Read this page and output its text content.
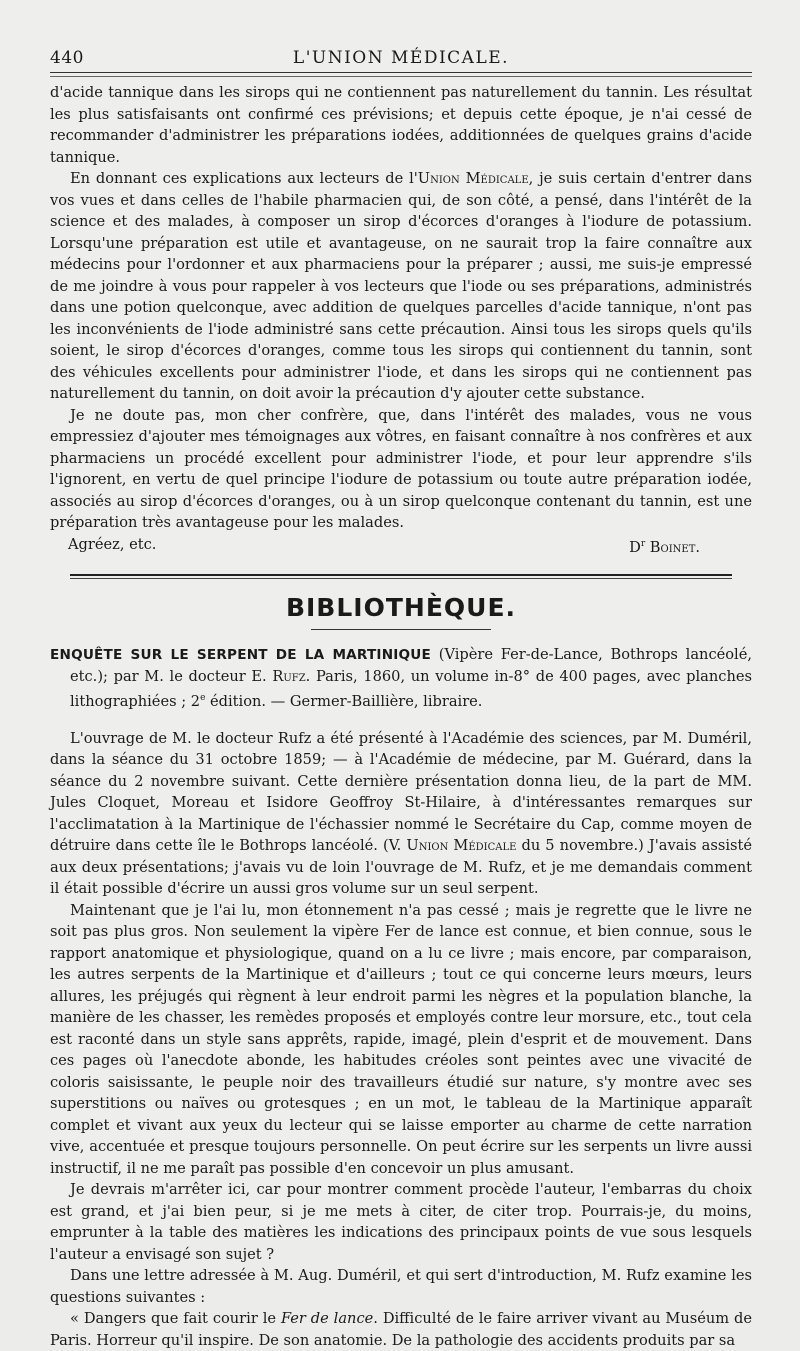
440	L'UNION MÉDICALE.

d'acide tannique dans les sirops qui ne contiennent pas naturellement du tannin. Les résultat les plus satisfaisants ont confirmé ces prévisions; et depuis cette époque, je n'ai cessé de recommander d'administrer les préparations iodées, additionnées de quelques grains d'acide tannique.

En donnant ces explications aux lecteurs de l'Union Médicale, je suis certain d'entrer dans vos vues et dans celles de l'habile pharmacien qui, de son côté, a pensé, dans l'intérêt de la science et des malades, à composer un sirop d'écorces d'oranges à l'iodure de potassium. Lorsqu'une préparation est utile et avantageuse, on ne saurait trop la faire connaître aux médecins pour l'ordonner et aux pharmaciens pour la préparer ; aussi, me suis-je empressé de me joindre à vous pour rappeler à vos lecteurs que l'iode ou ses préparations, administrés dans une potion quelconque, avec addition de quelques parcelles d'acide tannique, n'ont pas les inconvénients de l'iode administré sans cette précaution. Ainsi tous les sirops quels qu'ils soient, le sirop d'écorces d'oranges, comme tous les sirops qui contiennent du tannin, sont des véhicules excellents pour administrer l'iode, et dans les sirops qui ne contiennent pas naturellement du tannin, on doit avoir la précaution d'y ajouter cette substance.

Je ne doute pas, mon cher confrère, que, dans l'intérêt des malades, vous ne vous empressiez d'ajouter mes témoignages aux vôtres, en faisant connaître à nos confrères et aux pharmaciens un procédé excellent pour administrer l'iode, et pour leur apprendre s'ils l'ignorent, en vertu de quel principe l'iodure de potassium ou toute autre préparation iodée, associés au sirop d'écorces d'oranges, ou à un sirop quelconque contenant du tannin, est une préparation très avantageuse pour les malades.

Agréez, etc.	$D^r$ Boinet.
BIBLIOTHÈQUE.
ENQUÊTE SUR LE SERPENT DE LA MARTINIQUE (Vipère Fer-de-Lance, Bothrops lancéolé, etc.); par M. le docteur E. Rufz. Paris, 1860, un volume in-8° de 400 pages, avec planches lithographiées ; 2e édition. — Germer-Baillière, libraire.

L'ouvrage de M. le docteur Rufz a été présenté à l'Académie des sciences, par M. Duméril, dans la séance du 31 octobre 1859; — à l'Académie de médecine, par M. Guérard, dans la séance du 2 novembre suivant. Cette dernière présentation donna lieu, de la part de MM. Jules Cloquet, Moreau et Isidore Geoffroy St-Hilaire, à d'intéressantes remarques sur l'acclimatation à la Martinique de l'échassier nommé le Secrétaire du Cap, comme moyen de détruire dans cette île le Bothrops lancéolé. (V. Union Médicale du 5 novembre.) J'avais assisté aux deux présentations; j'avais vu de loin l'ouvrage de M. Rufz, et je me demandais comment il était possible d'écrire un aussi gros volume sur un seul serpent.

Maintenant que je l'ai lu, mon étonnement n'a pas cessé ; mais je regrette que le livre ne soit pas plus gros. Non seulement la vipère Fer de lance est connue, et bien connue, sous le rapport anatomique et physiologique, quand on a lu ce livre ; mais encore, par comparaison, les autres serpents de la Martinique et d'ailleurs ; tout ce qui concerne leurs mœurs, leurs allures, les préjugés qui règnent à leur endroit parmi les nègres et la population blanche, la manière de les chasser, les remèdes proposés et employés contre leur morsure, etc., tout cela est raconté dans un style sans apprêts, rapide, imagé, plein d'esprit et de mouvement. Dans ces pages où l'anecdote abonde, les habitudes créoles sont peintes avec une vivacité de coloris saisissante, le peuple noir des travailleurs étudié sur nature, s'y montre avec ses superstitions ou naïves ou grotesques ; en un mot, le tableau de la Martinique apparaît complet et vivant aux yeux du lecteur qui se laisse emporter au charme de cette narration vive, accentuée et presque toujours personnelle. On peut écrire sur les serpents un livre aussi instructif, il ne me paraît pas possible d'en concevoir un plus amusant.

Je devrais m'arrêter ici, car pour montrer comment procède l'auteur, l'embarras du choix est grand, et j'ai bien peur, si je me mets à citer, de citer trop. Pourrais-je, du moins, emprunter à la table des matières les indications des principaux points de vue sous lesquels l'auteur a envisagé son sujet ?

Dans une lettre adressée à M. Aug. Duméril, et qui sert d'introduction, M. Rufz examine les questions suivantes :

« Dangers que fait courir le Fer de lance. Difficulté de le faire arriver vivant au Muséum de Paris. Horreur qu'il inspire. De son anatomie. De la pathologie des accidents produits par sa
